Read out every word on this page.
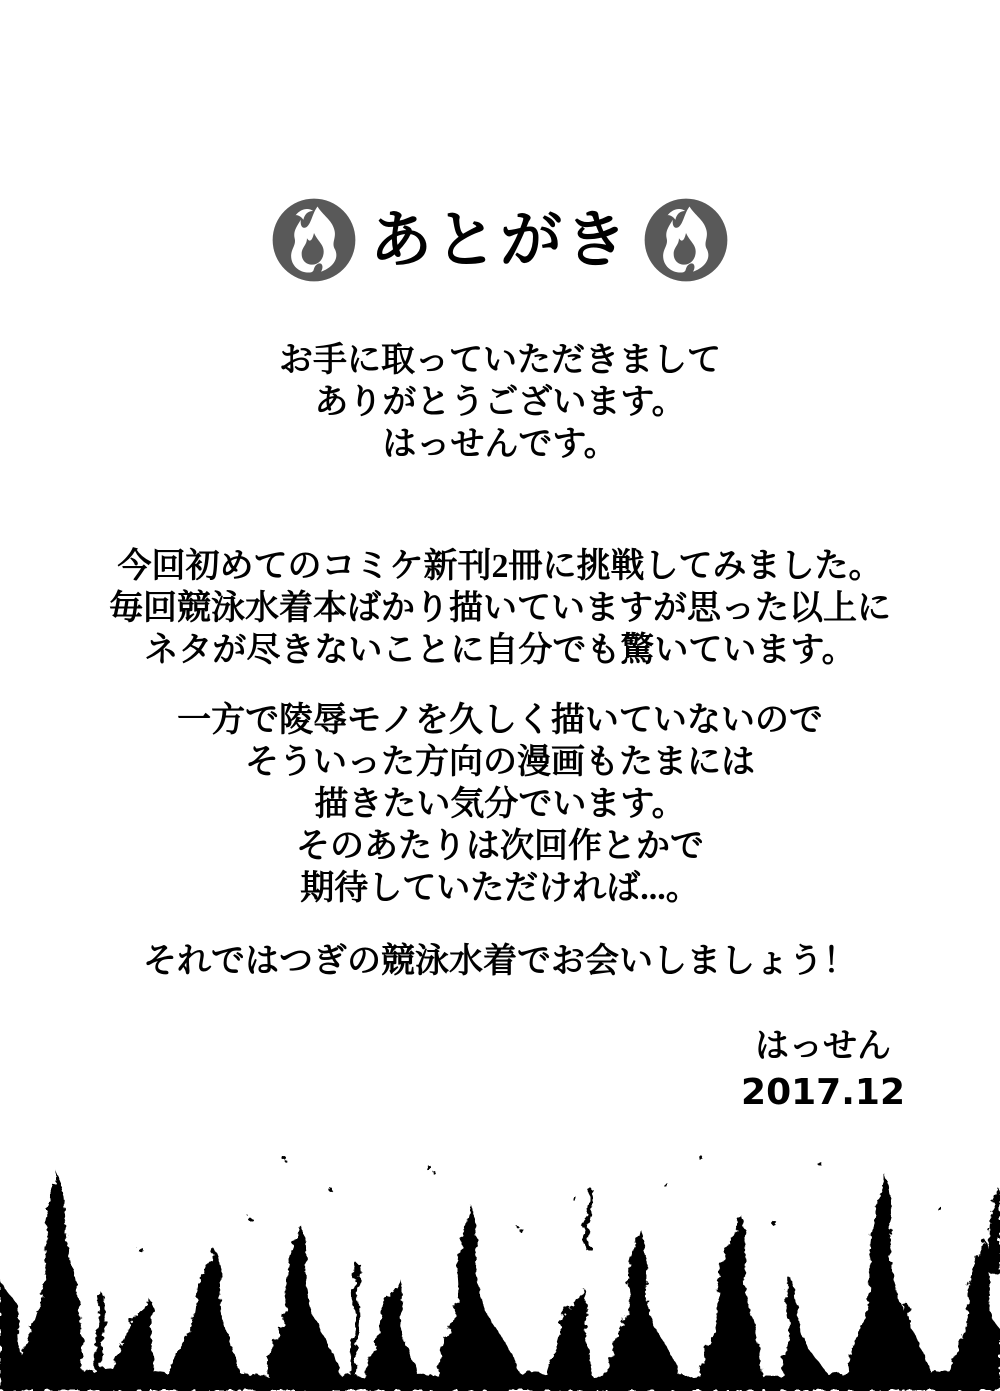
あとがき
お手に取っていただきまして
ありがとうございます。
はっせんです。
今回初めてのコミケ新刊2冊に挑戦してみました。
毎回競泳水着本ばかり描いていますが思った以上に
ネタが尽きないことに自分でも驚いています。
一方で陵辱モノを久しく描いていないので
そういった方向の漫画もたまには
描きたい気分でいます。
そのあたりは次回作とかで
期待していただければ...。
それではつぎの競泳水着でお会いしましょう！
はっせん
2017.12
